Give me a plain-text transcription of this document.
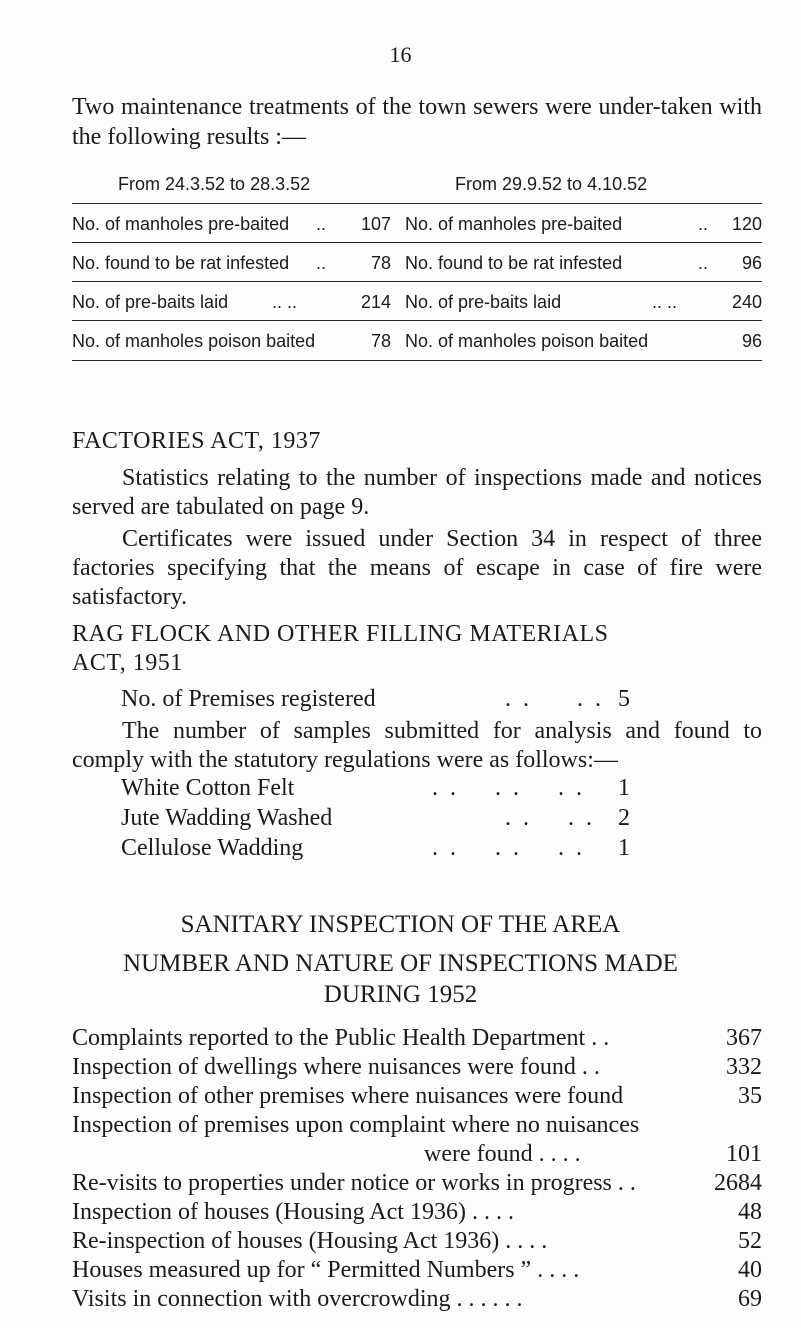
16
Two maintenance treatments of the town sewers were under-taken with the following results :—
From 24.3.52 to 28.3.52	From 29.9.52 to 4.10.52
No. of manholes pre-baited ..	107 No. of manholes pre-baited	..	120
No. found to be rat infested ..	78 No. found to be rat infested	..	96
No. of pre-baits laid .. ..	214 No. of pre-baits laid	.. ..	240
No. of manholes poison baited	78 No. of manholes poison baited	96
FACTORIES ACT, 1937
Statistics relating to the number of inspections made and notices served are tabulated on page 9.
Certificates were issued under Section 34 in respect of three factories specifying that the means of escape in case of fire were satisfactory.
RAG FLOCK AND OTHER FILLING MATERIALS
ACT, 1951
No. of Premises registered	. .     . . 5
The number of samples submitted for analysis and found to comply with the statutory regulations were as follows:—
White Cotton Felt	. .    . .    . . 1
Jute Wadding Washed	. .    . . 2
Cellulose Wadding	. .    . .    . . 1
SANITARY INSPECTION OF THE AREA
NUMBER AND NATURE OF INSPECTIONS MADE
DURING 1952
Complaints reported to the Public Health Department . .	367
Inspection of dwellings where nuisances were found . .	332
Inspection of other premises where nuisances were found	35
Inspection of premises upon complaint where no nuisances
were found . . . .	101
Re-visits to properties under notice or works in progress . .	2684
Inspection of houses (Housing Act 1936) . . . .	48
Re-inspection of houses (Housing Act 1936) . . . .	52
Houses measured up for “ Permitted Numbers ” . . . .	40
Visits in connection with overcrowding . . . . . .	69
